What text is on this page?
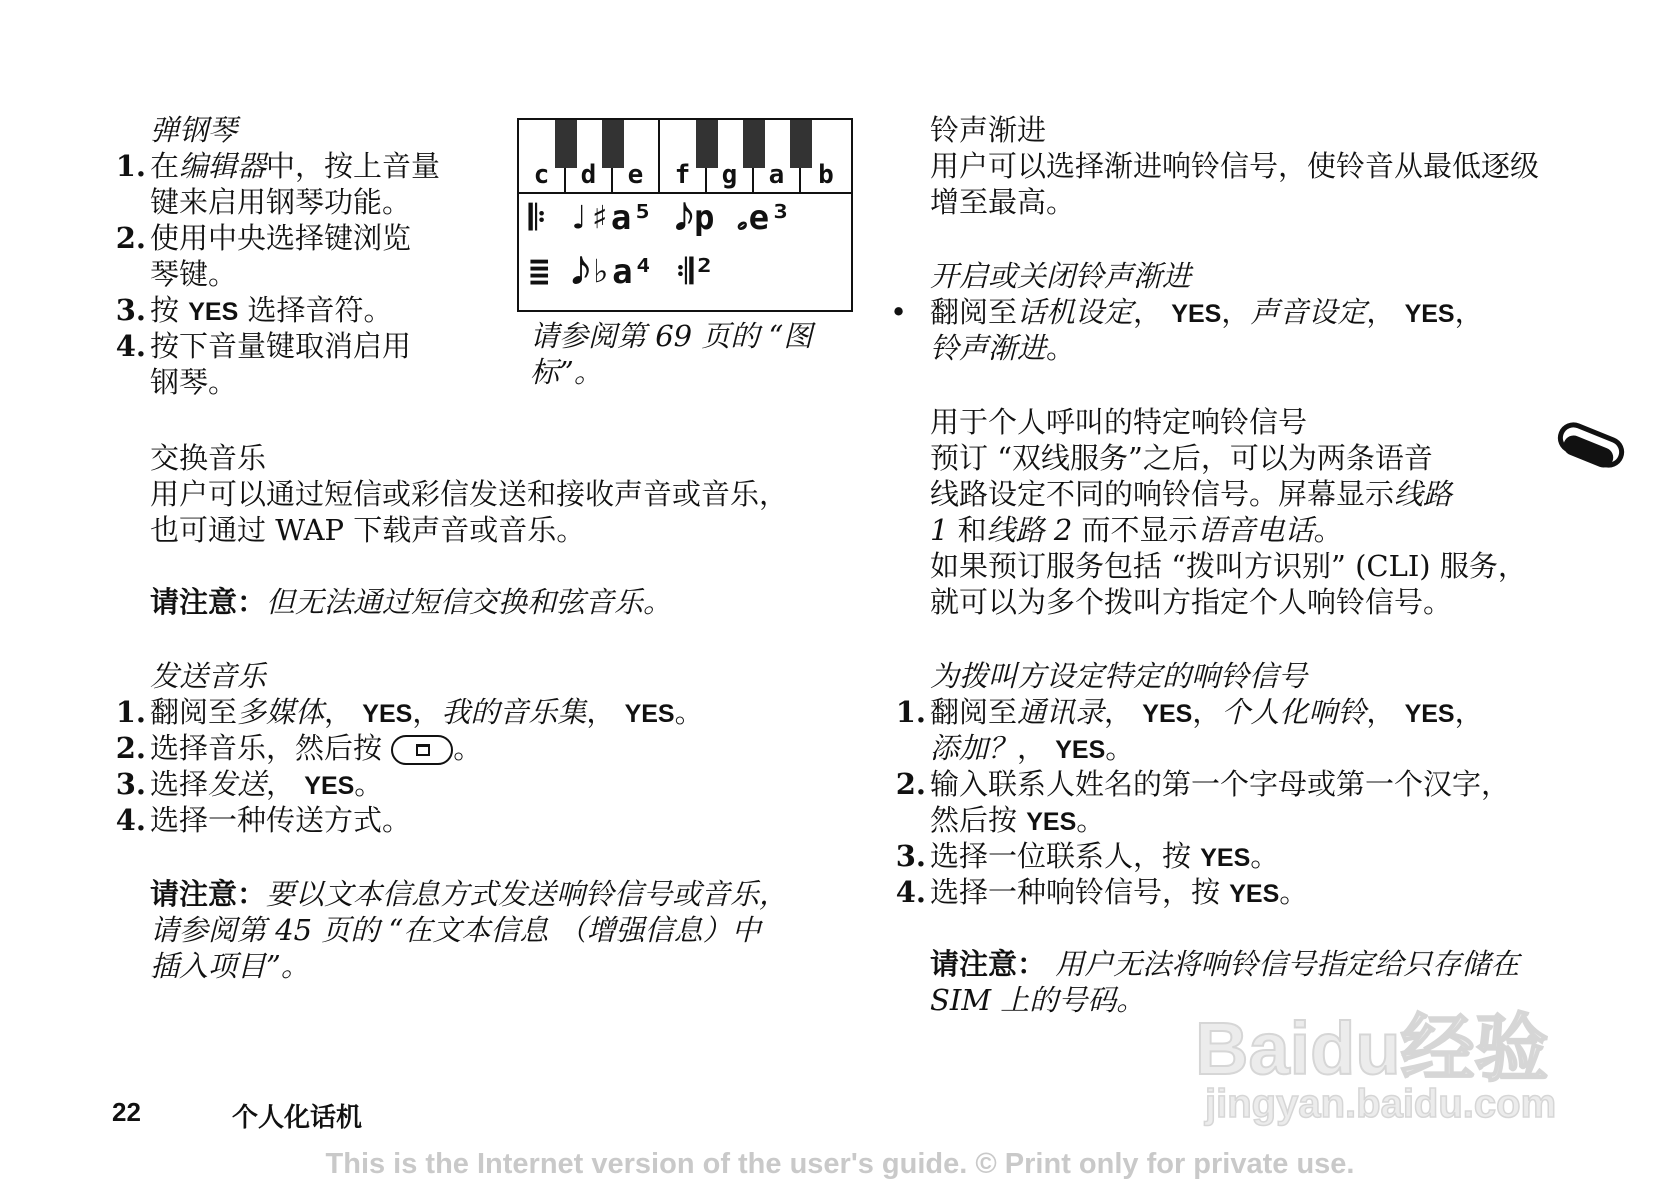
弹钢琴
1. 在编辑器中，按上音量
键来启用钢琴功能。
2. 使用中央选择键浏览
琴键。
3. 按 YES 选择音符。
4. 按下音量键取消启用
钢琴。
c	d	e	f	g	a	b
𝄆 ♩♯a⁵ 𝅘𝅥𝅮p 𝅗e³
≣ 𝅘𝅥𝅮♭a⁴ 𝄇²
请参阅第 69 页的 “图
标”。
交换音乐
用户可以通过短信或彩信发送和接收声音或音乐，
也可通过 WAP 下载声音或音乐。
请注意：但无法通过短信交换和弦音乐。
发送音乐
1. 翻阅至多媒体， YES，我的音乐集， YES。
2. 选择音乐，然后按
。
3. 选择发送， YES。
4. 选择一种传送方式。
请注意：要以文本信息方式发送响铃信号或音乐，
请参阅第 45 页的 “在文本信息 （增强信息）中
插入项目”。
铃声渐进
用户可以选择渐进响铃信号，使铃音从最低逐级
增至最高。
开启或关闭铃声渐进
• 翻阅至话机设定， YES，声音设定， YES，
铃声渐进。
用于个人呼叫的特定响铃信号
预订 “双线服务”之后，可以为两条语音
线路设定不同的响铃信号。屏幕显示线路
1 和线路 2 而不显示语音电话。
如果预订服务包括 “拨叫方识别” (CLI) 服务，
就可以为多个拨叫方指定个人响铃信号。
为拨叫方设定特定的响铃信号
1. 翻阅至通讯录， YES，个人化响铃， YES，
添加？， YES。
2. 输入联系人姓名的第一个字母或第一个汉字，
然后按 YES。
3. 选择一位联系人，按 YES。
4. 选择一种响铃信号，按 YES。
请注意： 用户无法将响铃信号指定给只存储在
SIM 上的号码。
Baidu经验
jingyan.baidu.com
22	个人化话机
This is the Internet version of the user's guide. © Print only for private use.
